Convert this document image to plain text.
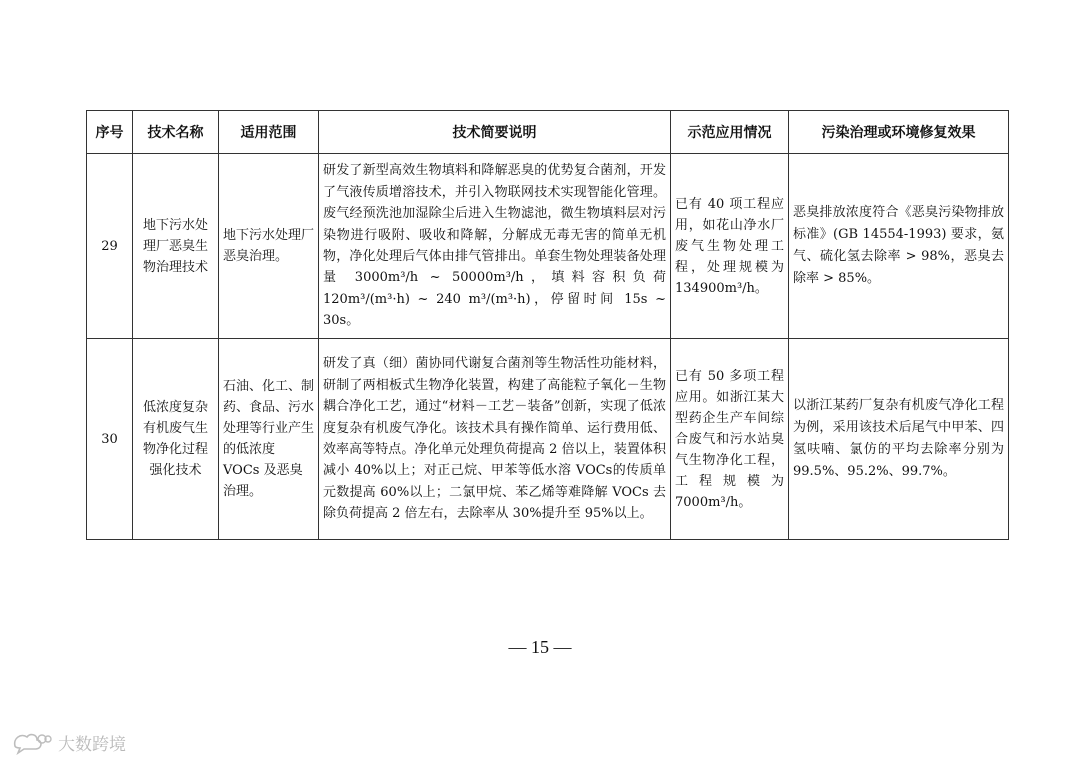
序号	技术名称	适用范围	技术简要说明	示范应用情况	污染治理或环境修复效果
29	地下污水处理厂恶臭生物治理技术	地下污水处理厂恶臭治理。	研发了新型高效生物填料和降解恶臭的优势复合菌剂，开发了气液传质增溶技术，并引入物联网技术实现智能化管理。废气经预洗池加湿除尘后进入生物滤池，微生物填料层对污染物进行吸附、吸收和降解，分解成无毒无害的简单无机物，净化处理后气体由排气管排出。单套生物处理装备处理量 3000m³/h ~ 50000m³/h，填料容积负荷 120m³/(m³·h) ~ 240 m³/(m³·h)，停留时间 15s ~ 30s。	已有 40 项工程应用，如花山净水厂废气生物处理工程，处理规模为 134900m³/h。	恶臭排放浓度符合《恶臭污染物排放标准》(GB 14554-1993) 要求，氨气、硫化氢去除率 > 98%，恶臭去除率 > 85%。
30	低浓度复杂有机废气生物净化过程强化技术	石油、化工、制药、食品、污水处理等行业产生的低浓度 VOCs 及恶臭治理。	研发了真（细）菌协同代谢复合菌剂等生物活性功能材料，研制了两相板式生物净化装置，构建了高能粒子氧化－生物耦合净化工艺，通过“材料－工艺－装备”创新，实现了低浓度复杂有机废气净化。该技术具有操作简单、运行费用低、效率高等特点。净化单元处理负荷提高 2 倍以上，装置体积减小 40%以上；对正己烷、甲苯等低水溶 VOCs的传质单元数提高 60%以上；二氯甲烷、苯乙烯等难降解 VOCs 去除负荷提高 2 倍左右，去除率从 30%提升至 95%以上。	已有 50 多项工程应用。如浙江某大型药企生产车间综合废气和污水站臭气生物净化工程，工程规模为 7000m³/h。	以浙江某药厂复杂有机废气净化工程为例，采用该技术后尾气中甲苯、四氢呋喃、氯仿的平均去除率分别为 99.5%、95.2%、99.7%。
— 15 —
大数跨境
